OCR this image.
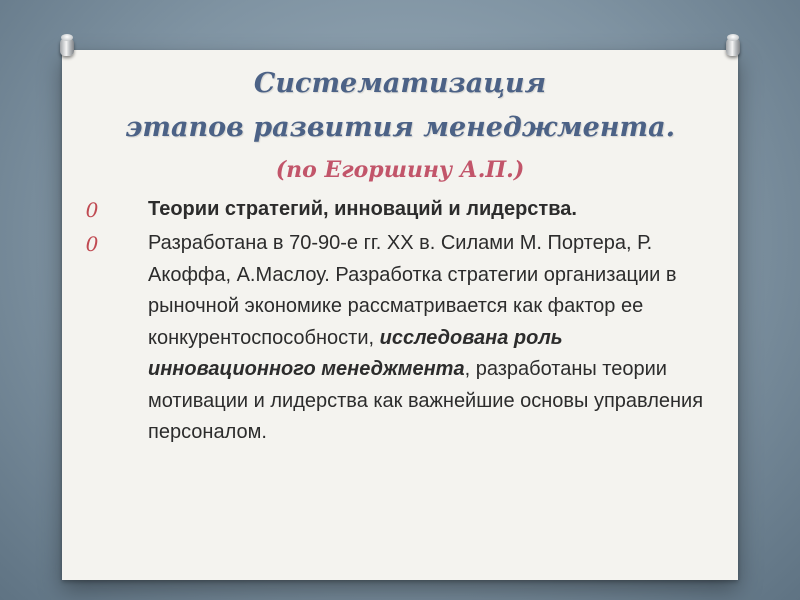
Систематизация
этапов развития менеджмента.
(по Егоршину А.П.)
0 Теории стратегий, инноваций и лидерства.
0 Разработана в 70-90-е гг. XX в. Силами М. Портера, Р. Акоффа, А.Маслоу. Разработка стратегии организации в рыночной экономике рассматривается как фактор ее конкурентоспособности, исследована роль инновационного менеджмента, разработаны теории мотивации и лидерства как важнейшие основы управления персоналом.
